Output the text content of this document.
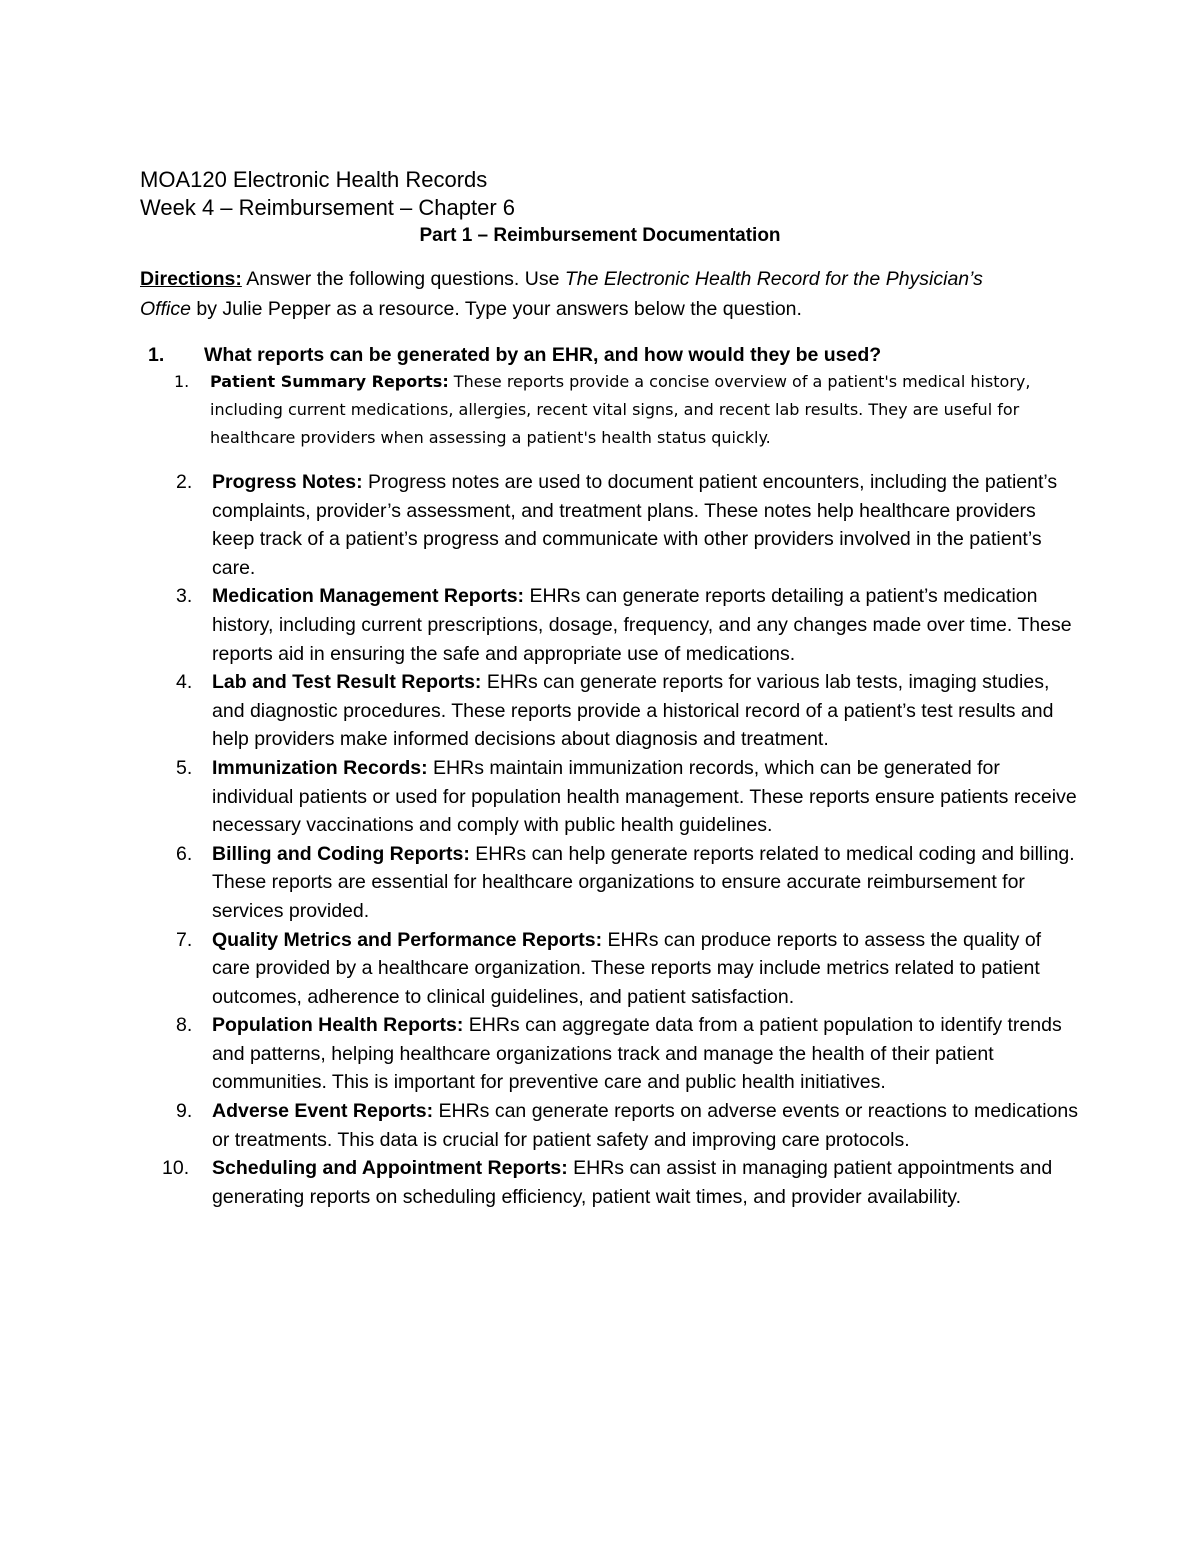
MOA120 Electronic Health Records
Week 4 – Reimbursement – Chapter 6
Part 1 – Reimbursement Documentation
Directions: Answer the following questions. Use The Electronic Health Record for the Physician’s Office by Julie Pepper as a resource. Type your answers below the question.
1. What reports can be generated by an EHR, and how would they be used?
1. Patient Summary Reports: These reports provide a concise overview of a patient's medical history, including current medications, allergies, recent vital signs, and recent lab results. They are useful for healthcare providers when assessing a patient's health status quickly.

2.	Progress Notes: Progress notes are used to document patient encounters, including the patient’s complaints, provider’s assessment, and treatment plans. These notes help healthcare providers keep track of a patient’s progress and communicate with other providers involved in the patient’s care.

3.	Medication Management Reports: EHRs can generate reports detailing a patient’s medication history, including current prescriptions, dosage, frequency, and any changes made over time. These reports aid in ensuring the safe and appropriate use of medications.

4.	Lab and Test Result Reports: EHRs can generate reports for various lab tests, imaging studies, and diagnostic procedures. These reports provide a historical record of a patient’s test results and help providers make informed decisions about diagnosis and treatment.

5.	Immunization Records: EHRs maintain immunization records, which can be generated for individual patients or used for population health management. These reports ensure patients receive necessary vaccinations and comply with public health guidelines.

6.	Billing and Coding Reports: EHRs can help generate reports related to medical coding and billing. These reports are essential for healthcare organizations to ensure accurate reimbursement for services provided.

7.	Quality Metrics and Performance Reports: EHRs can produce reports to assess the quality of care provided by a healthcare organization. These reports may include metrics related to patient outcomes, adherence to clinical guidelines, and patient satisfaction.

8.	Population Health Reports: EHRs can aggregate data from a patient population to identify trends and patterns, helping healthcare organizations track and manage the health of their patient communities. This is important for preventive care and public health initiatives.

9.	Adverse Event Reports: EHRs can generate reports on adverse events or reactions to medications or treatments. This data is crucial for patient safety and improving care protocols.

10.	Scheduling and Appointment Reports: EHRs can assist in managing patient appointments and generating reports on scheduling efficiency, patient wait times, and provider availability.
